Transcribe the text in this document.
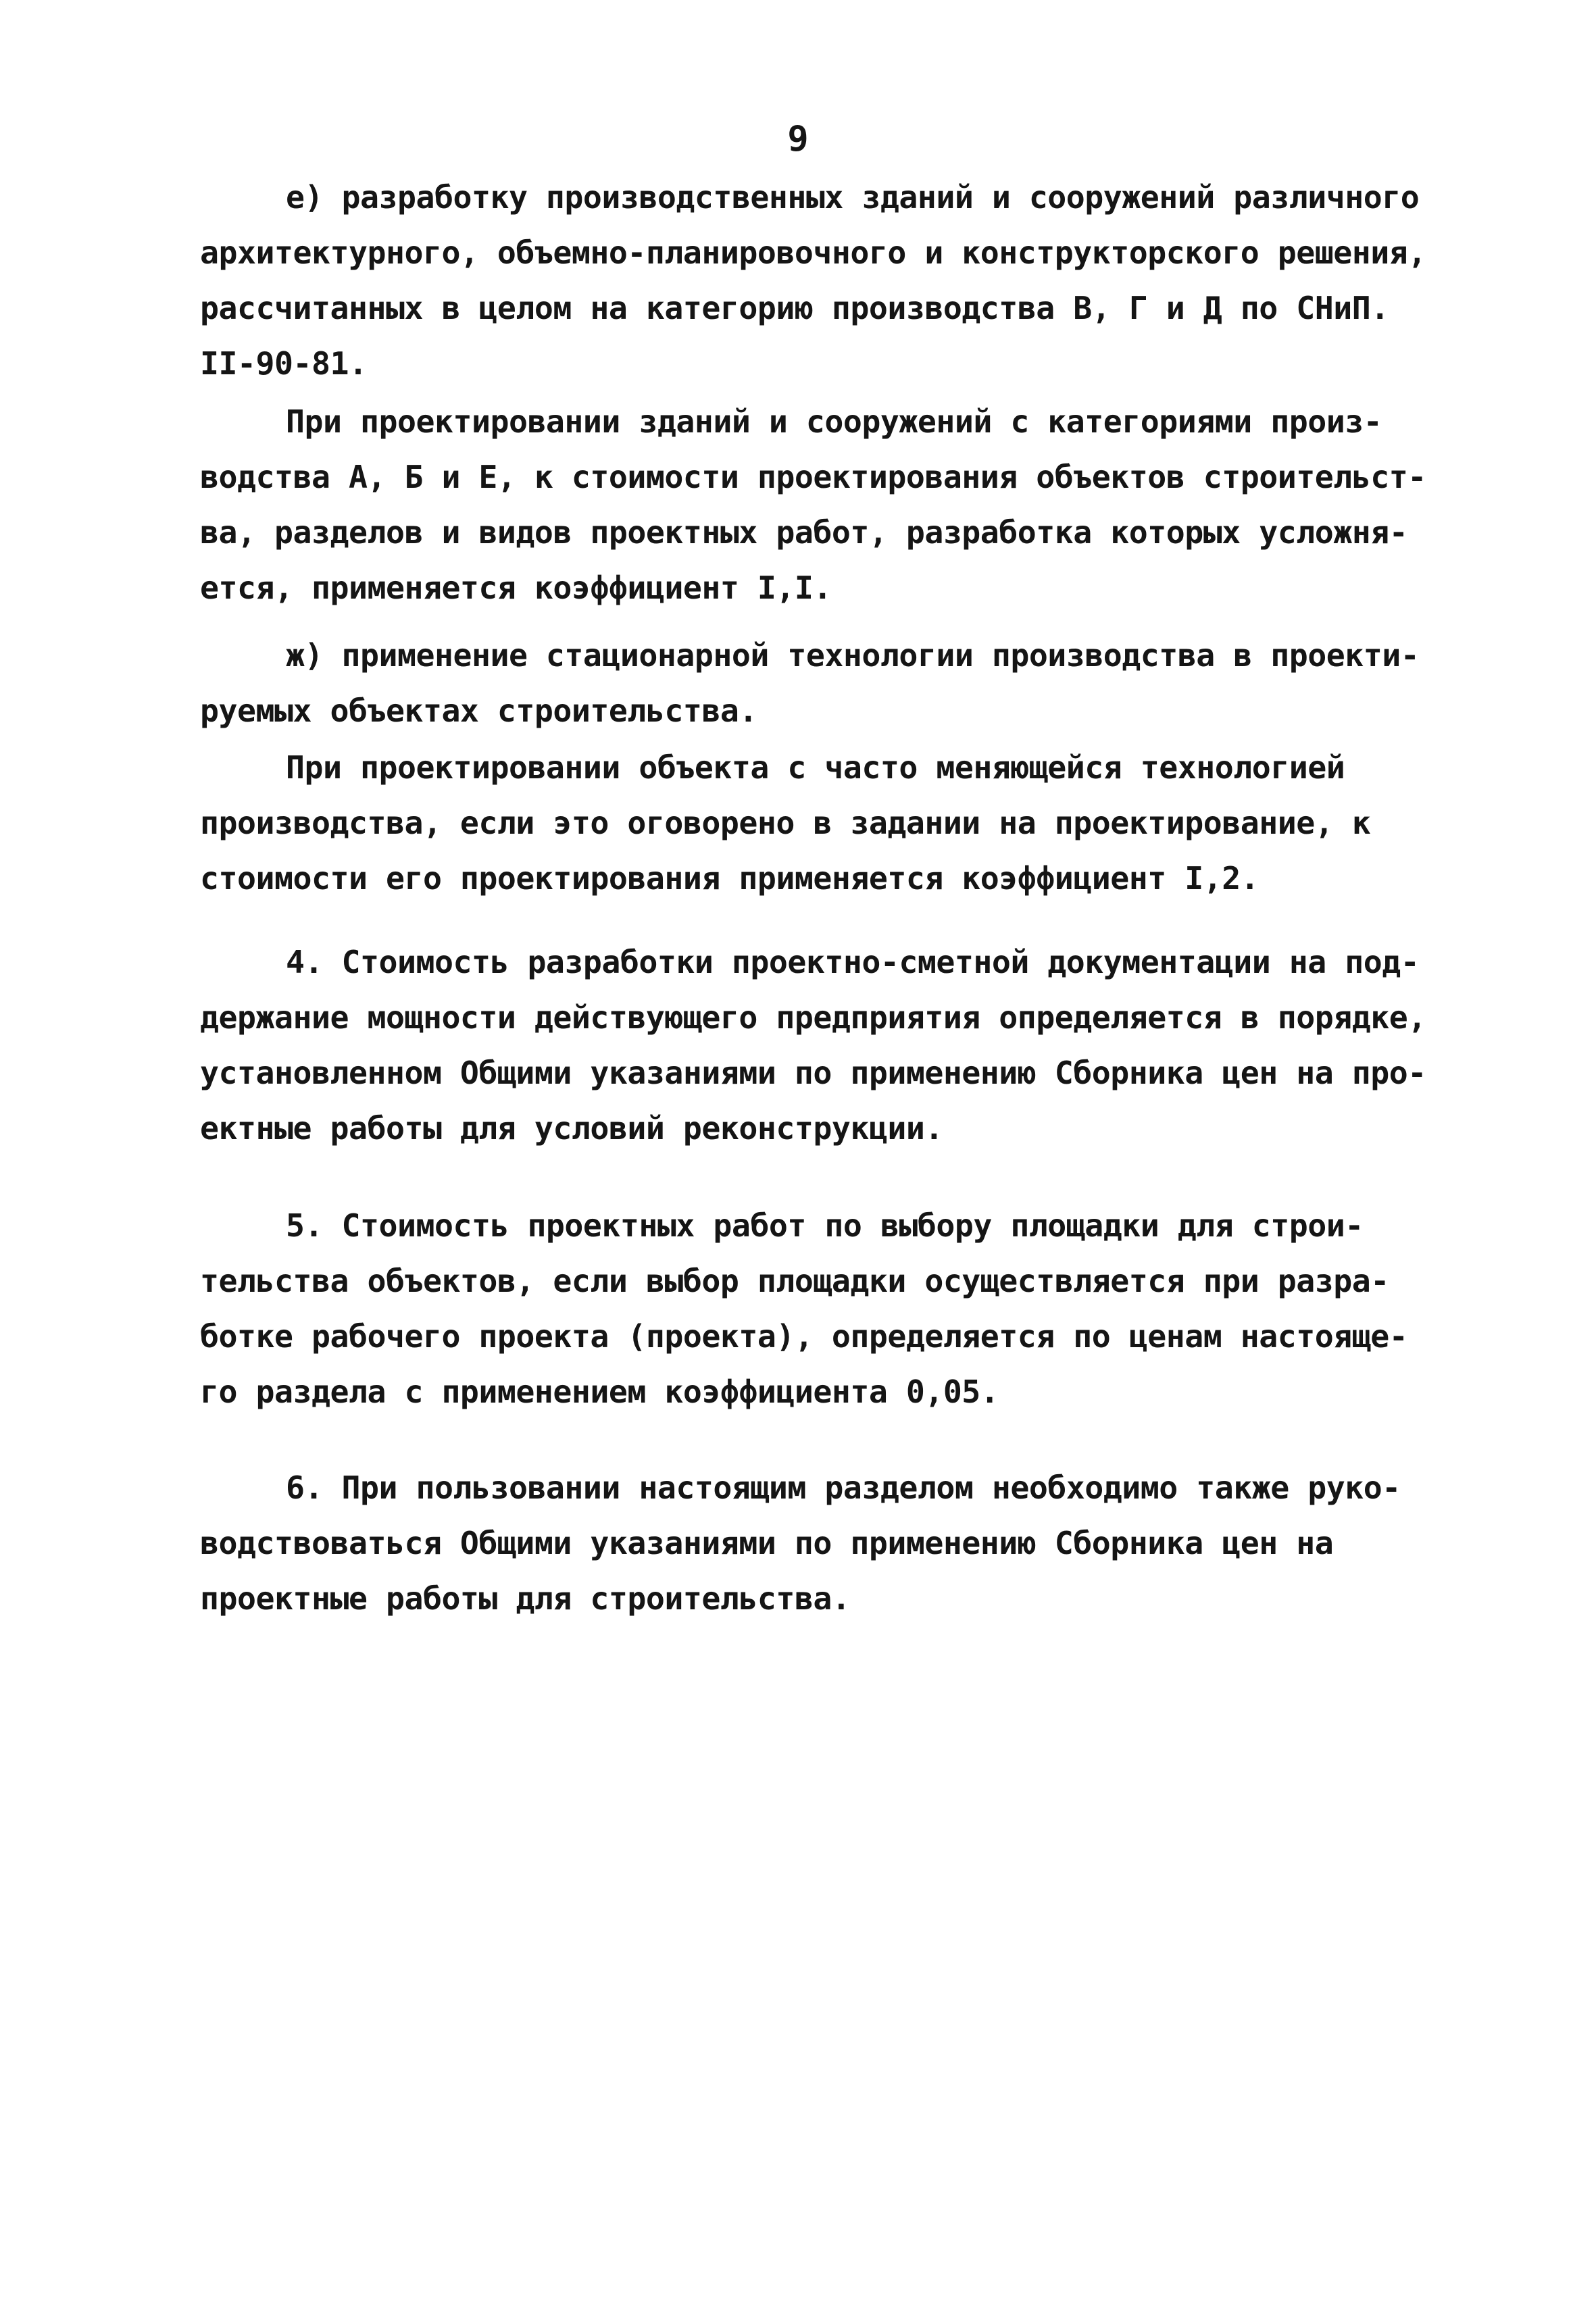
9

е) разработку производственных зданий и сооружений различного

архитектурного, объемно-планировочного и конструкторского решения,

рассчитанных в целом на категорию производства В, Г и Д по СНиП.

II-90-81.

При проектировании зданий и сооружений с категориями произ-

водства А, Б и Е, к стоимости проектирования объектов строительст-

ва, разделов и видов проектных работ, разработка которых усложня-

ется, применяется коэффициент I,I.

ж) применение стационарной технологии производства в проекти-

руемых объектах строительства.

При проектировании объекта с часто меняющейся технологией

производства, если это оговорено в задании на проектирование, к

стоимости его проектирования применяется коэффициент I,2.

4. Стоимость разработки проектно-сметной документации на под-

держание мощности действующего предприятия определяется в порядке,

установленном Общими указаниями по применению Сборника цен на про-

ектные работы для условий реконструкции.

5. Стоимость проектных работ по выбору площадки для строи-

тельства объектов, если выбор площадки осуществляется при разра-

ботке рабочего проекта (проекта), определяется по ценам настояще-

го раздела с применением коэффициента 0,05.

6. При пользовании настоящим разделом необходимо также руко-

водствоваться Общими указаниями по применению Сборника цен на

проектные работы для строительства.
